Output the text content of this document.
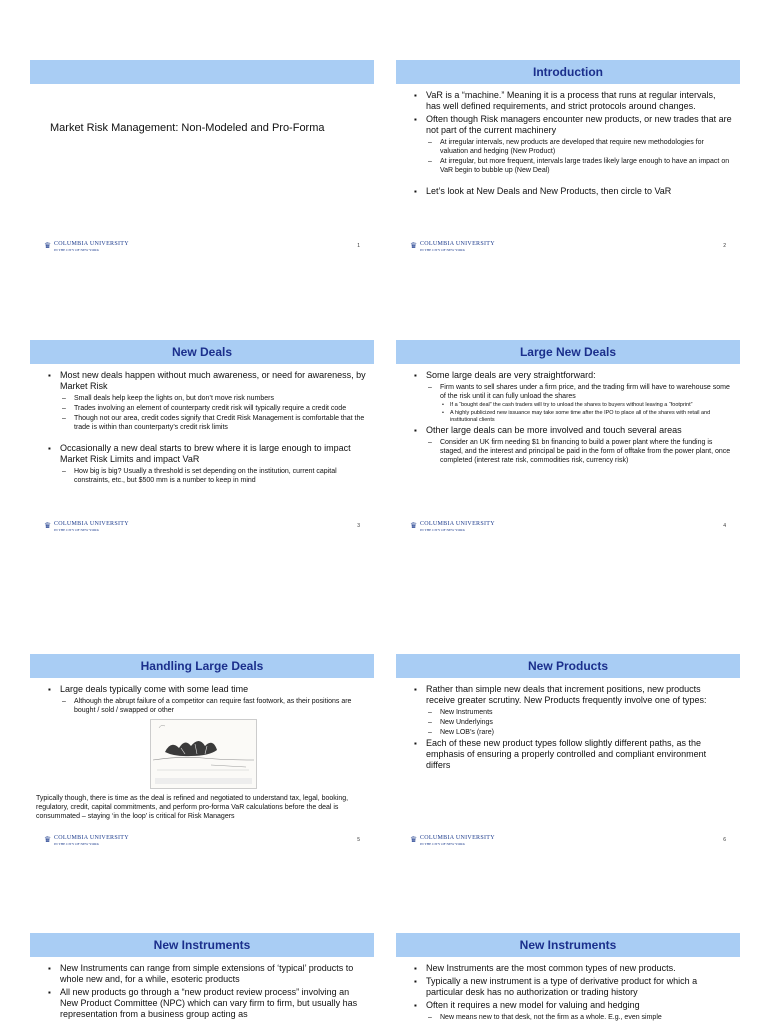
Market Risk Management: Non-Modeled and Pro-Forma
♛ COLUMBIA UNIVERSITY
IN THE CITY OF NEW YORK
1
Introduction
▪ VaR is a “machine.” Meaning it is a process that runs at regular intervals, has well defined requirements, and strict protocols around changes.
▪ Often though Risk managers encounter new products, or new trades that are not part of the current machinery
– At irregular intervals, new products are developed that require new methodologies for valuation and hedging (New Product)
– At irregular, but more frequent, intervals large trades likely large enough to have an impact on VaR begin to bubble up (New Deal)
▪ Let’s look at New Deals and New Products, then circle to VaR
♛ COLUMBIA UNIVERSITY
IN THE CITY OF NEW YORK
2
New Deals
▪ Most new deals happen without much awareness, or need for awareness, by Market Risk
– Small deals help keep the lights on, but don’t move risk numbers
– Trades involving an element of counterparty credit risk will typically require a credit code
– Though not our area, credit codes signify that Credit Risk Management is comfortable that the trade is within than counterparty’s credit risk limits
▪ Occasionally a new deal starts to brew where it is large enough to impact Market Risk Limits and impact VaR
– How big is big? Usually a threshold is set depending on the institution, current capital constraints, etc., but $500 mm is a number to keep in mind
♛ COLUMBIA UNIVERSITY
IN THE CITY OF NEW YORK
3
Large New Deals
▪ Some large deals are very straightforward:
– Firm wants to sell shares under a firm price, and the trading firm will have to warehouse some of the risk until it can fully unload the shares
• If a “bought deal” the cash traders will try to unload the shares to buyers without leaving a “footprint”
• A highly publicized new issuance may take some time after the IPO to place all of the shares with retail and institutional clients
▪ Other large deals can be more involved and touch several areas
– Consider an UK firm needing $1 bn financing to build a power plant where the funding is staged, and the interest and principal be paid in the form of offtake from the power plant, once completed (interest rate risk, commodities risk, currency risk)
♛ COLUMBIA UNIVERSITY
IN THE CITY OF NEW YORK
4
Handling Large Deals
▪ Large deals typically come with some lead time
– Although the abrupt failure of a competitor can require fast footwork, as their positions are bought / sold / swapped or other
Typically though, there is time as the deal is refined and negotiated to understand tax, legal, booking, regulatory, credit, capital commitments, and perform pro-forma VaR calculations before the deal is consummated – staying ‘in the loop’ is critical for Risk Managers
♛ COLUMBIA UNIVERSITY
IN THE CITY OF NEW YORK
5
New Products
▪ Rather than simple new deals that increment positions, new products receive greater scrutiny. New Products frequently involve one of types:
– New Instruments
– New Underlyings
– New LOB’s (rare)
▪ Each of these new product types follow slightly different paths, as the emphasis of ensuring a properly controlled and compliant environment differs
♛ COLUMBIA UNIVERSITY
IN THE CITY OF NEW YORK
6
New Instruments
▪ New Instruments can range from simple extensions of ‘typical’ products to whole new and, for a while, esoteric products
▪ All new products go through a “new product review process” involving an New Product Committee (NPC) which can vary firm to firm, but usually has representation from a business group acting as
New Instruments
▪ New Instruments are the most common types of new products.
▪ Typically a new instrument is a type of derivative product for which a particular desk has no authorization or trading history
▪ Often it requires a new model for valuing and hedging
– New means new to that desk, not the firm as a whole. E.g., even simple
